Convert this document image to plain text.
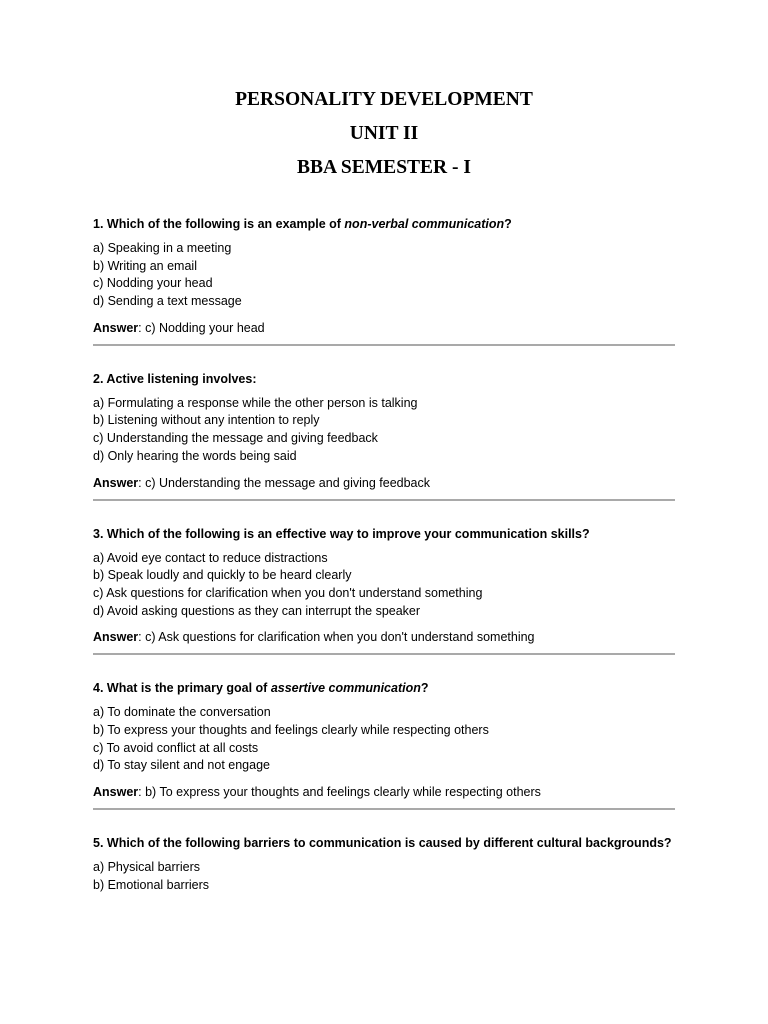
PERSONALITY DEVELOPMENT
UNIT II
BBA SEMESTER - I
1. Which of the following is an example of non-verbal communication?
a) Speaking in a meeting
b) Writing an email
c) Nodding your head
d) Sending a text message
Answer: c) Nodding your head
2. Active listening involves:
a) Formulating a response while the other person is talking
b) Listening without any intention to reply
c) Understanding the message and giving feedback
d) Only hearing the words being said
Answer: c) Understanding the message and giving feedback
3. Which of the following is an effective way to improve your communication skills?
a) Avoid eye contact to reduce distractions
b) Speak loudly and quickly to be heard clearly
c) Ask questions for clarification when you don't understand something
d) Avoid asking questions as they can interrupt the speaker
Answer: c) Ask questions for clarification when you don't understand something
4. What is the primary goal of assertive communication?
a) To dominate the conversation
b) To express your thoughts and feelings clearly while respecting others
c) To avoid conflict at all costs
d) To stay silent and not engage
Answer: b) To express your thoughts and feelings clearly while respecting others
5. Which of the following barriers to communication is caused by different cultural backgrounds?
a) Physical barriers
b) Emotional barriers
